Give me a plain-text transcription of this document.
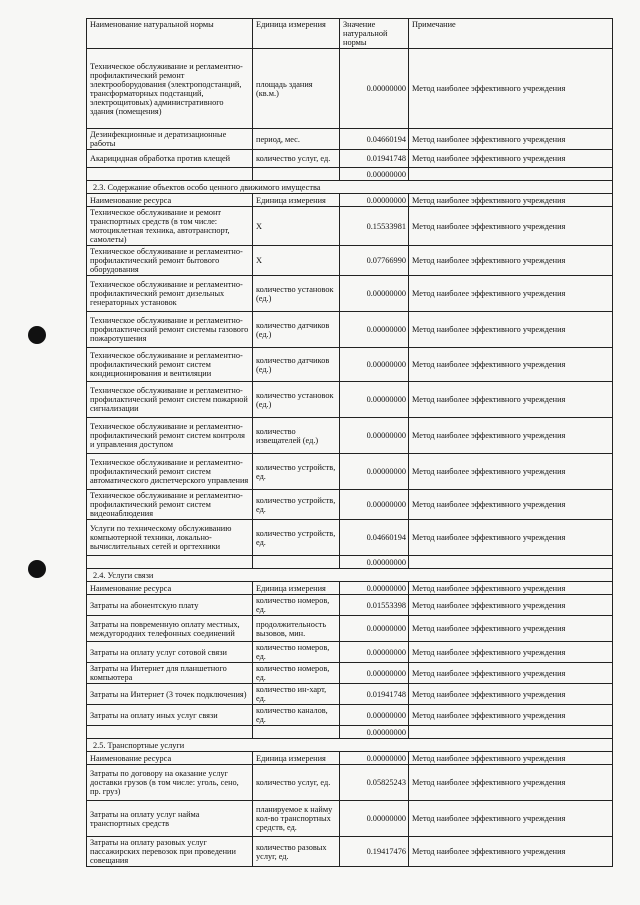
Наименование натуральной нормы	Единица измерения	Значение натуральной нормы	Примечание
Техническое обслуживание и регламентно-профилактический ремонт электрооборудования (электроподстанций, трансформаторных подстанций, электрощитовых) административного здания (помещения)	площадь здания (кв.м.)	0.00000000	Метод наиболее эффективного учреждения
Дезинфекционные и дератизационные работы	период, мес.	0.04660194	Метод наиболее эффективного учреждения
Акарицидная обработка против клещей	количество услуг, ед.	0.01941748	Метод наиболее эффективного учреждения
		0.00000000	
2.3. Содержание объектов особо ценного движимого имущества			
Наименование ресурса	Единица измерения	0.00000000	Метод наиболее эффективного учреждения
Техническое обслуживание и ремонт транспортных средств (в том числе: мотоциклетная техника, автотранспорт, самолеты)	Х	0.15533981	Метод наиболее эффективного учреждения
Техническое обслуживание и регламентно-профилактический ремонт бытового оборудования	Х	0.07766990	Метод наиболее эффективного учреждения
Техническое обслуживание и регламентно-профилактический ремонт дизельных генераторных установок	количество установок (ед.)	0.00000000	Метод наиболее эффективного учреждения
Техническое обслуживание и регламентно-профилактический ремонт системы газового пожаротушения	количество датчиков (ед.)	0.00000000	Метод наиболее эффективного учреждения
Техническое обслуживание и регламентно-профилактический ремонт систем кондиционирования и вентиляции	количество датчиков (ед.)	0.00000000	Метод наиболее эффективного учреждения
Техническое обслуживание и регламентно-профилактический ремонт систем пожарной сигнализации	количество установок (ед.)	0.00000000	Метод наиболее эффективного учреждения
Техническое обслуживание и регламентно-профилактический ремонт систем контроля и управления доступом	количество извещателей (ед.)	0.00000000	Метод наиболее эффективного учреждения
Техническое обслуживание и регламентно-профилактический ремонт систем автоматического диспетчерского управления	количество устройств, ед.	0.00000000	Метод наиболее эффективного учреждения
Техническое обслуживание и регламентно-профилактический ремонт систем видеонаблюдения	количество устройств, ед.	0.00000000	Метод наиболее эффективного учреждения
Услуги по техническому обслуживанию компьютерной техники, локально-вычислительных сетей и оргтехники	количество устройств, ед.	0.04660194	Метод наиболее эффективного учреждения
		0.00000000	
2.4. Услуги связи			
Наименование ресурса	Единица измерения	0.00000000	Метод наиболее эффективного учреждения
Затраты на абонентскую плату	количество номеров, ед.	0.01553398	Метод наиболее эффективного учреждения
Затраты на повременную оплату местных, междугородних телефонных соединений	продолжительность вызовов, мин.	0.00000000	Метод наиболее эффективного учреждения
Затраты на оплату услуг сотовой связи	количество номеров, ед.	0.00000000	Метод наиболее эффективного учреждения
Затраты на Интернет для планшетного компьютера	количество номеров, ед.	0.00000000	Метод наиболее эффективного учреждения
Затраты на Интернет (3 точек подключения)	количество ин-харт, ед.	0.01941748	Метод наиболее эффективного учреждения
Затраты на оплату иных услуг связи	количество каналов, ед.	0.00000000	Метод наиболее эффективного учреждения
		0.00000000	
2.5. Транспортные услуги			
Наименование ресурса	Единица измерения	0.00000000	Метод наиболее эффективного учреждения
Затраты по договору на оказание услуг доставки грузов (в том числе: уголь, сено, пр. груз)	количество услуг, ед.	0.05825243	Метод наиболее эффективного учреждения
Затраты на оплату услуг найма транспортных средств	планируемое к найму кол-во транспортных средств, ед.	0.00000000	Метод наиболее эффективного учреждения
Затраты на оплату разовых услуг пассажирских перевозок при проведении совещания	количество разовых услуг, ед.	0.19417476	Метод наиболее эффективного учреждения
